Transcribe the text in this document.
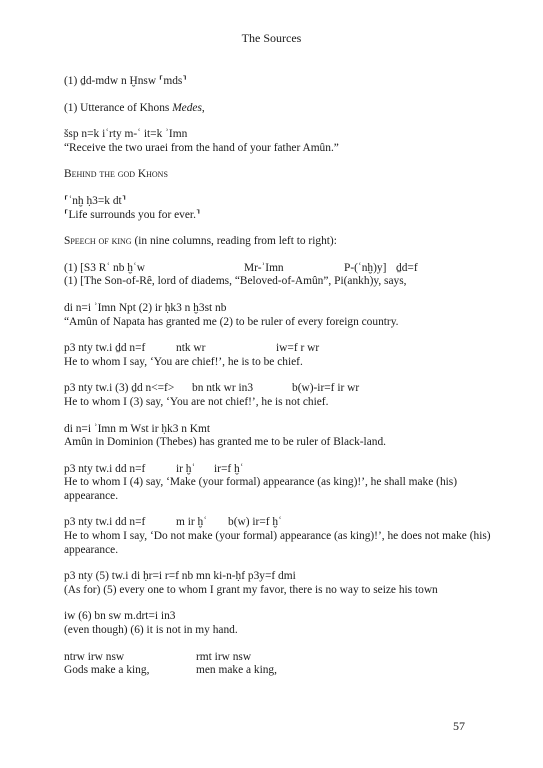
The Sources

(1) ḏd-mdw n Ḫnsw ⸢mds⸣

(1) Utterance of Khons Medes,

šsp n=k iʿrty m-ʿ it=k ʾImn

“Receive the two uraei from the hand of your father Amûn.”

Behind the god Khons

⸢ʿnḫ ḥ3=k dt⸣

⸢Life surrounds you for ever.⸣

Speech of king (in nine columns, reading from left to right):

(1) [S3 Rʿ nb ḫʿw	Mr-ʾImn	P-(ʿnḫ)y] ḏd=f

(1) [The Son-of-Rê, lord of diadems, “Beloved-of-Amûn”, Pi(ankh)y, says,

di n=i ʾImn Npt (2) ir ḥk3 n ḫ3st nb

“Amûn of Napata has granted me (2) to be ruler of every foreign country.

p3 nty tw.i ḏd n=f	ntk wr	iw=f r wr

He to whom I say, ‘You are chief!’, he is to be chief.

p3 nty tw.i (3) ḏd n<=f> bn ntk wr in3	b(w)-ir=f ir wr

He to whom I (3) say, ‘You are not chief!’, he is not chief.

di n=i ʾImn m Wst ir ḥk3 n Kmt

Amûn in Dominion (Thebes) has granted me to be ruler of Black-land.

p3 nty tw.i dd n=f	ir ḫʿ ir=f ḫʿ

He to whom I (4) say, ‘Make (your formal) appearance (as king)!’, he shall make (his) appearance.

p3 nty tw.i dd n=f	m ir ḫʿ b(w) ir=f ḫʿ

He to whom I say, ‘Do not make (your formal) appearance (as king)!’, he does not make (his) appearance.

p3 nty (5) tw.i di ḥr=i r=f nb mn ki-n-ḥf p3y=f dmi

(As for) (5) every one to whom I grant my favor, there is no way to seize his town

iw (6) bn sw m.drt=i in3

(even though) (6) it is not in my hand.

ntrw irw nsw	rmt irw nsw
Gods make a king,	men make a king,
57
